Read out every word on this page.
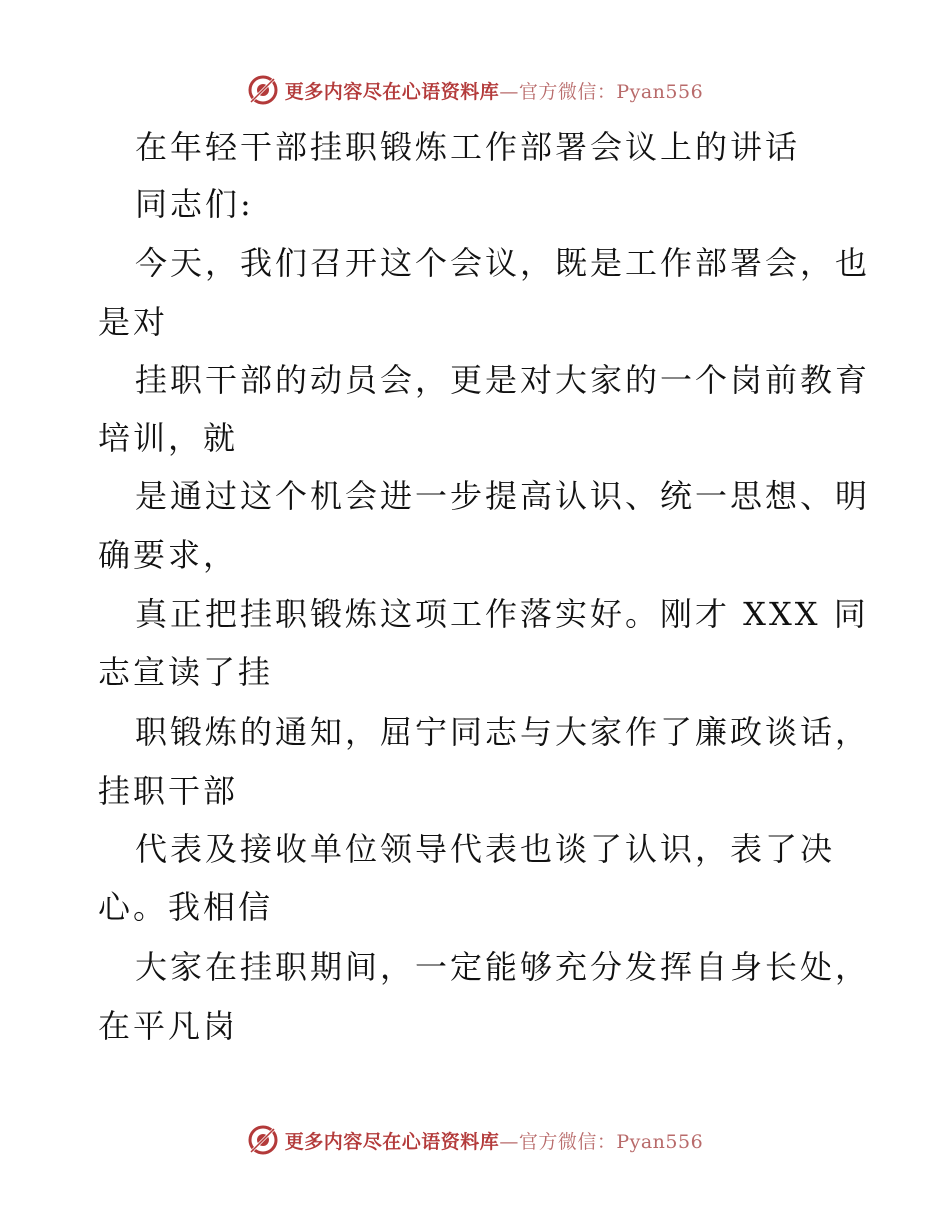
更多内容尽在心语资料库—官方微信：Pyan556
在年轻干部挂职锻炼工作部署会议上的讲话
同志们:
今天，我们召开这个会议，既是工作部署会，也
是对
挂职干部的动员会，更是对大家的一个岗前教育
培训，就
是通过这个机会进一步提高认识、统一思想、明
确要求，
真正把挂职锻炼这项工作落实好。刚才 XXX 同
志宣读了挂
职锻炼的通知，屈宁同志与大家作了廉政谈话，
挂职干部
代表及接收单位领导代表也谈了认识，表了决
心。我相信
大家在挂职期间，一定能够充分发挥自身长处，
在平凡岗
更多内容尽在心语资料库—官方微信：Pyan556
